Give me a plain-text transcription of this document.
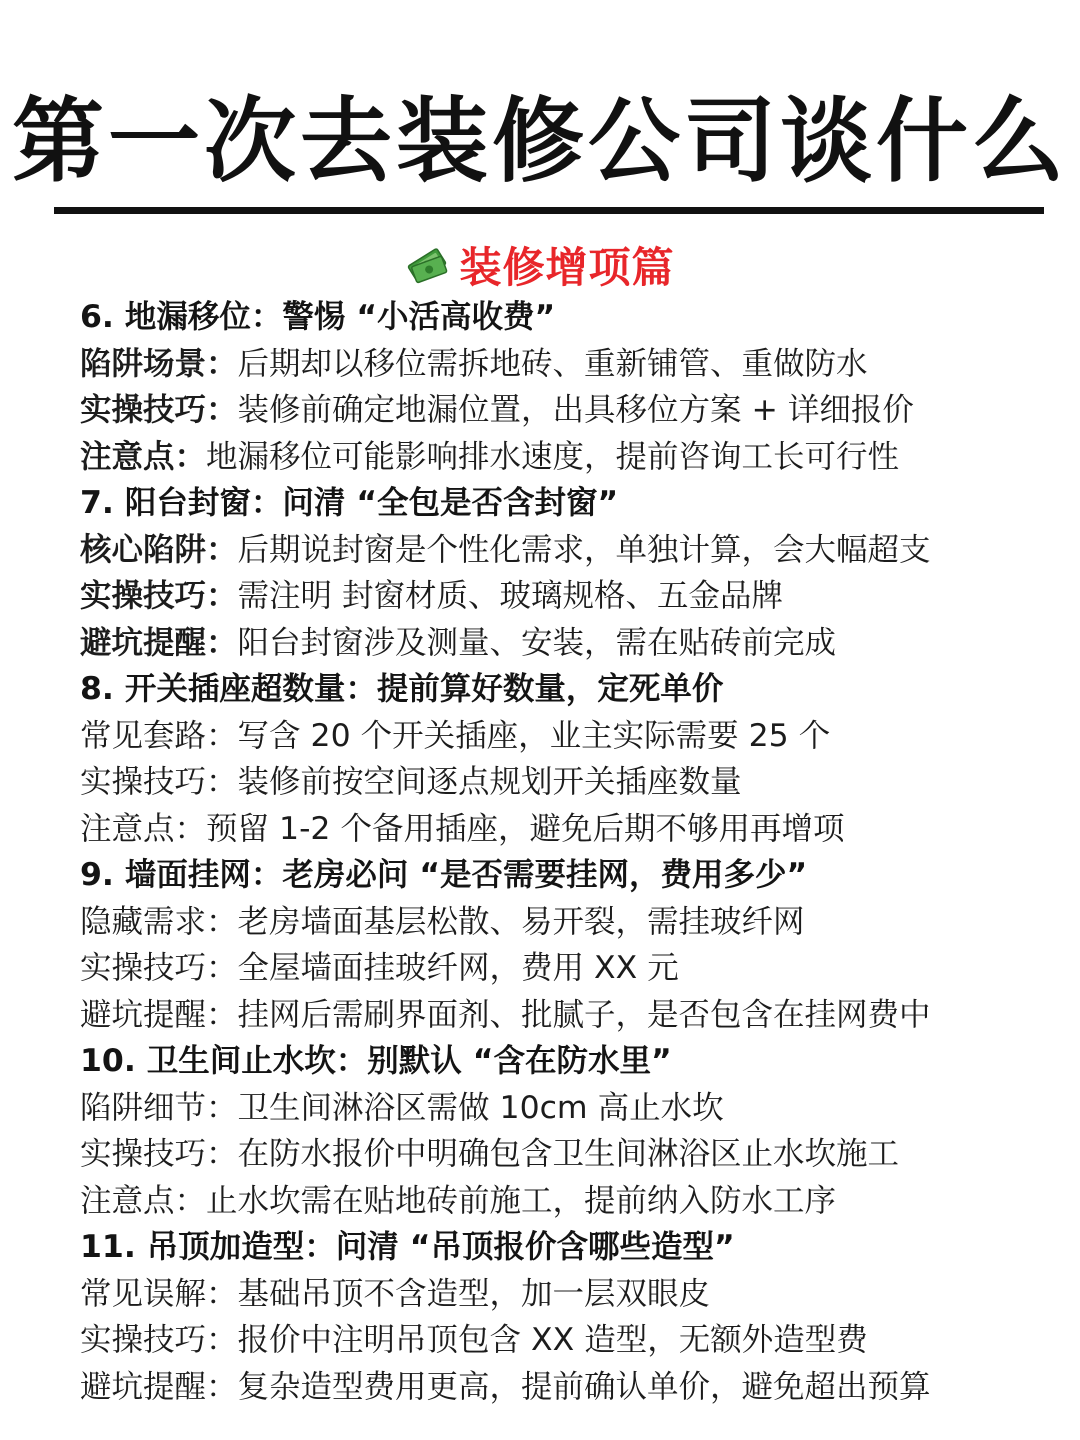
第一次去装修公司谈什么
装修增项篇
6. 地漏移位：警惕 “小活高收费”
陷阱场景：后期却以移位需拆地砖、重新铺管、重做防水
实操技巧：装修前确定地漏位置，出具移位方案 + 详细报价
注意点：地漏移位可能影响排水速度，提前咨询工长可行性
7. 阳台封窗：问清 “全包是否含封窗”
核心陷阱：后期说封窗是个性化需求，单独计算，会大幅超支
实操技巧：需注明 封窗材质、玻璃规格、五金品牌
避坑提醒：阳台封窗涉及测量、安装，需在贴砖前完成
8. 开关插座超数量：提前算好数量，定死单价
常见套路：写含 20 个开关插座，业主实际需要 25 个
实操技巧：装修前按空间逐点规划开关插座数量
注意点：预留 1-2 个备用插座，避免后期不够用再增项
9. 墙面挂网：老房必问 “是否需要挂网，费用多少”
隐藏需求：老房墙面基层松散、易开裂，需挂玻纤网
实操技巧：全屋墙面挂玻纤网，费用 XX 元
避坑提醒：挂网后需刷界面剂、批腻子，是否包含在挂网费中
10. 卫生间止水坎：别默认 “含在防水里”
陷阱细节：卫生间淋浴区需做 10cm 高止水坎
实操技巧：在防水报价中明确包含卫生间淋浴区止水坎施工
注意点：止水坎需在贴地砖前施工，提前纳入防水工序
11. 吊顶加造型：问清 “吊顶报价含哪些造型”
常见误解：基础吊顶不含造型，加一层双眼皮
实操技巧：报价中注明吊顶包含 XX 造型，无额外造型费
避坑提醒：复杂造型费用更高，提前确认单价，避免超出预算
